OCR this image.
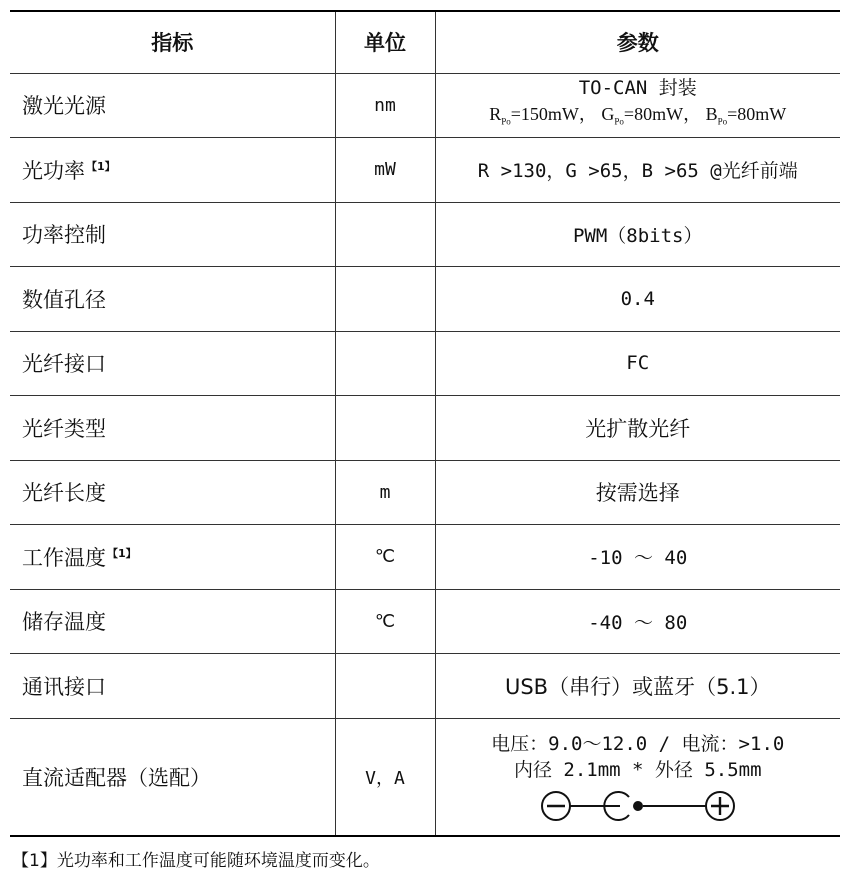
指标	单位	参数
激光光源	nm	TO-CAN 封装
$R_{Po}=150mW$， $G_{Po}=80mW$， $B_{Po}=80mW$

光功率$^{【1】}$	mW	R >130，G >65，B >65 @光纤前端
功率控制		PWM（8bits）
数值孔径		0.4
光纤接口		FC
光纤类型		光扩散光纤
光纤长度	m	按需选择
工作温度$^{【1】}$	℃	-10 ～ 40
储存温度	℃	-40 ～ 80
通讯接口		USB（串行）或蓝牙（5.1）
直流适配器（选配）	V，A	电压：9.0～12.0 / 电流：>1.0
内径 2.1mm * 外径 5.5mm
【1】光功率和工作温度可能随环境温度而变化。
